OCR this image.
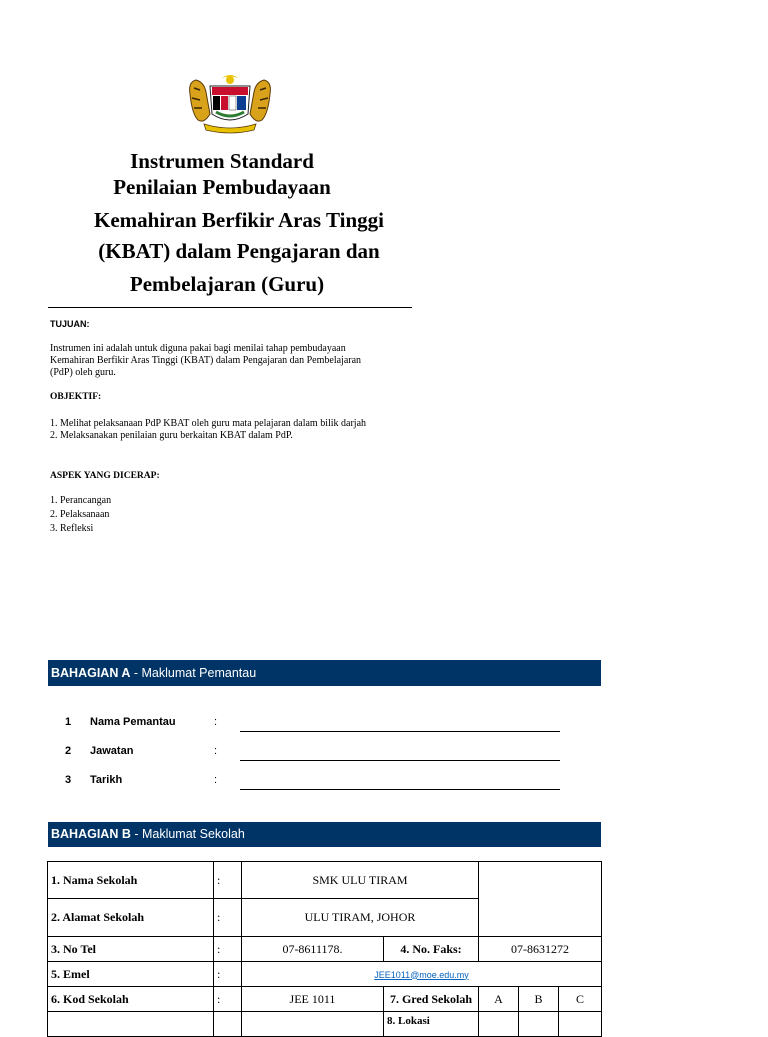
Instrumen Standard
Penilaian Pembudayaan
Kemahiran Berfikir Aras Tinggi
(KBAT) dalam Pengajaran dan
Pembelajaran (Guru)
TUJUAN:
Instrumen ini adalah untuk diguna pakai bagi menilai tahap pembudayaan
Kemahiran Berfikir Aras Tinggi (KBAT) dalam Pengajaran dan Pembelajaran
(PdP) oleh guru.
OBJEKTIF:
1. Melihat pelaksanaan PdP KBAT oleh guru mata pelajaran dalam bilik darjah
2. Melaksanakan penilaian guru berkaitan KBAT dalam PdP.
ASPEK YANG DICERAP:
1. Perancangan
2. Pelaksanaan
3. Refleksi
BAHAGIAN A - Maklumat Pemantau
1 Nama Pemantau	:
2 Jawatan	:
3 Tarikh	:
BAHAGIAN B - Maklumat Sekolah
1. Nama Sekolah	:	SMK ULU TIRAM				
2. Alamat Sekolah	:	ULU TIRAM, JOHOR				
3. No Tel	:	07-8611178.	4. No. Faks:	07-8631272		
5. Emel	:	JEE1011@moe.edu.my				
6. Kod Sekolah	:	JEE 1011	7. Gred Sekolah	A	B	C
			8. Lokasi			
